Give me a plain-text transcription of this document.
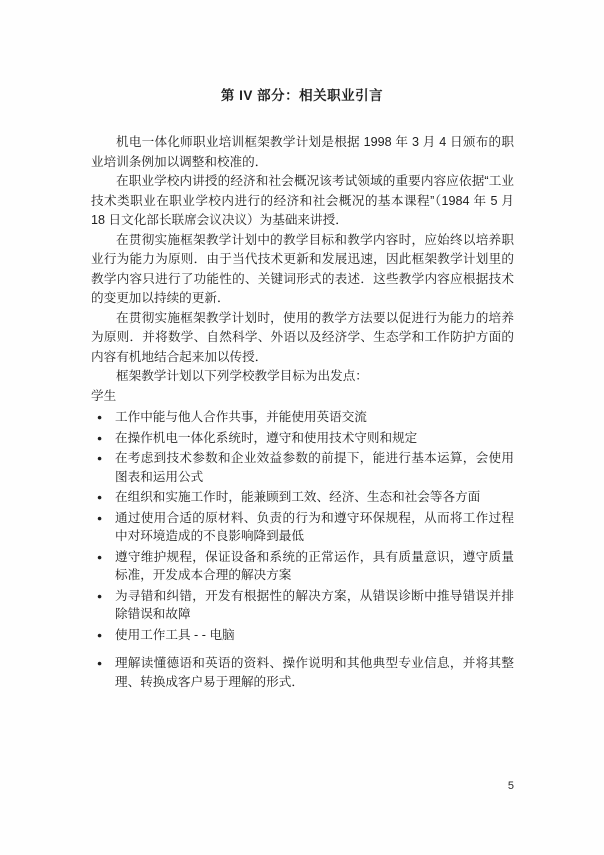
第 IV 部分：相关职业引言

机电一体化师职业培训框架教学计划是根据 1998 年 3 月 4 日颁布的职业培训条例加以调整和校准的．

在职业学校内讲授的经济和社会概况该考试领域的重要内容应依据“工业技术类职业在职业学校内进行的经济和社会概况的基本课程”（1984 年 5 月 18 日文化部长联席会议决议）为基础来讲授．

在贯彻实施框架教学计划中的教学目标和教学内容时，应始终以培养职业行为能力为原则．由于当代技术更新和发展迅速，因此框架教学计划里的教学内容只进行了功能性的、关键词形式的表述．这些教学内容应根据技术的变更加以持续的更新．

在贯彻实施框架教学计划时，使用的教学方法要以促进行为能力的培养为原则．并将数学、自然科学、外语以及经济学、生态学和工作防护方面的内容有机地结合起来加以传授．

框架教学计划以下列学校教学目标为出发点：

学生

●	工作中能与他人合作共事，并能使用英语交流
●	在操作机电一体化系统时，遵守和使用技术守则和规定
●	在考虑到技术参数和企业效益参数的前提下，能进行基本运算，会使用图表和运用公式
●	在组织和实施工作时，能兼顾到工效、经济、生态和社会等各方面
●	通过使用合适的原材料、负责的行为和遵守环保规程，从而将工作过程中对环境造成的不良影响降到最低
●	遵守维护规程，保证设备和系统的正常运作，具有质量意识，遵守质量标准，开发成本合理的解决方案
●	为寻错和纠错，开发有根据性的解决方案，从错误诊断中推导错误并排除错误和故障
●	使用工作工具 - - 电脑
●	理解读懂德语和英语的资料、操作说明和其他典型专业信息，并将其整理、转换成客户易于理解的形式．
5
